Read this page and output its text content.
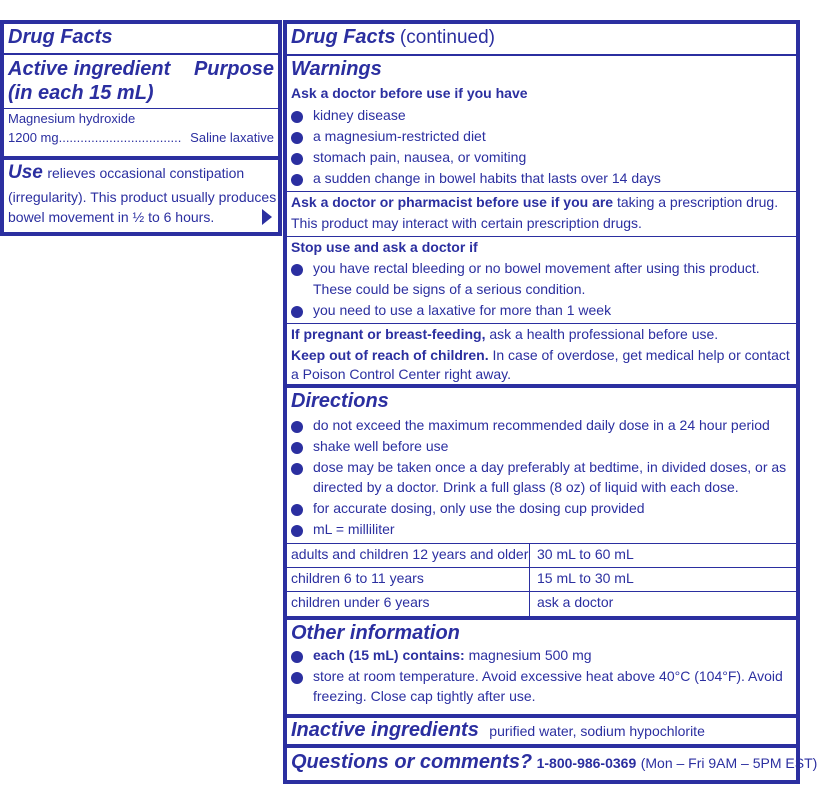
Drug Facts
Active ingredient Purpose
(in each 15 mL)
Magnesium hydroxide
1200 mg.................................. Saline laxative
Use relieves occasional constipation
(irregularity). This product usually produces
bowel movement in ½ to 6 hours.
Drug Facts (continued)
Warnings
Ask a doctor before use if you have
kidney disease
a magnesium-restricted diet
stomach pain, nausea, or vomiting
a sudden change in bowel habits that lasts over 14 days
Ask a doctor or pharmacist before use if you are taking a prescription drug.
This product may interact with certain prescription drugs.
Stop use and ask a doctor if
you have rectal bleeding or no bowel movement after using this product.
These could be signs of a serious condition.
you need to use a laxative for more than 1 week
If pregnant or breast-feeding, ask a health professional before use.
Keep out of reach of children. In case of overdose, get medical help or contact
a Poison Control Center right away.
Directions
do not exceed the maximum recommended daily dose in a 24 hour period
shake well before use
dose may be taken once a day preferably at bedtime, in divided doses, or as
directed by a doctor. Drink a full glass (8 oz) of liquid with each dose.
for accurate dosing, only use the dosing cup provided
mL = milliliter
adults and children 12 years and older 30 mL to 60 mL
children 6 to 11 years	15 mL to 30 mL
children under 6 years	ask a doctor
Other information
each (15 mL) contains: magnesium 500 mg
store at room temperature. Avoid excessive heat above 40°C (104°F). Avoid
freezing. Close cap tightly after use.
Inactive ingredients purified water, sodium hypochlorite
Questions or comments? 1-800-986-0369 (Mon – Fri 9AM – 5PM EST)
